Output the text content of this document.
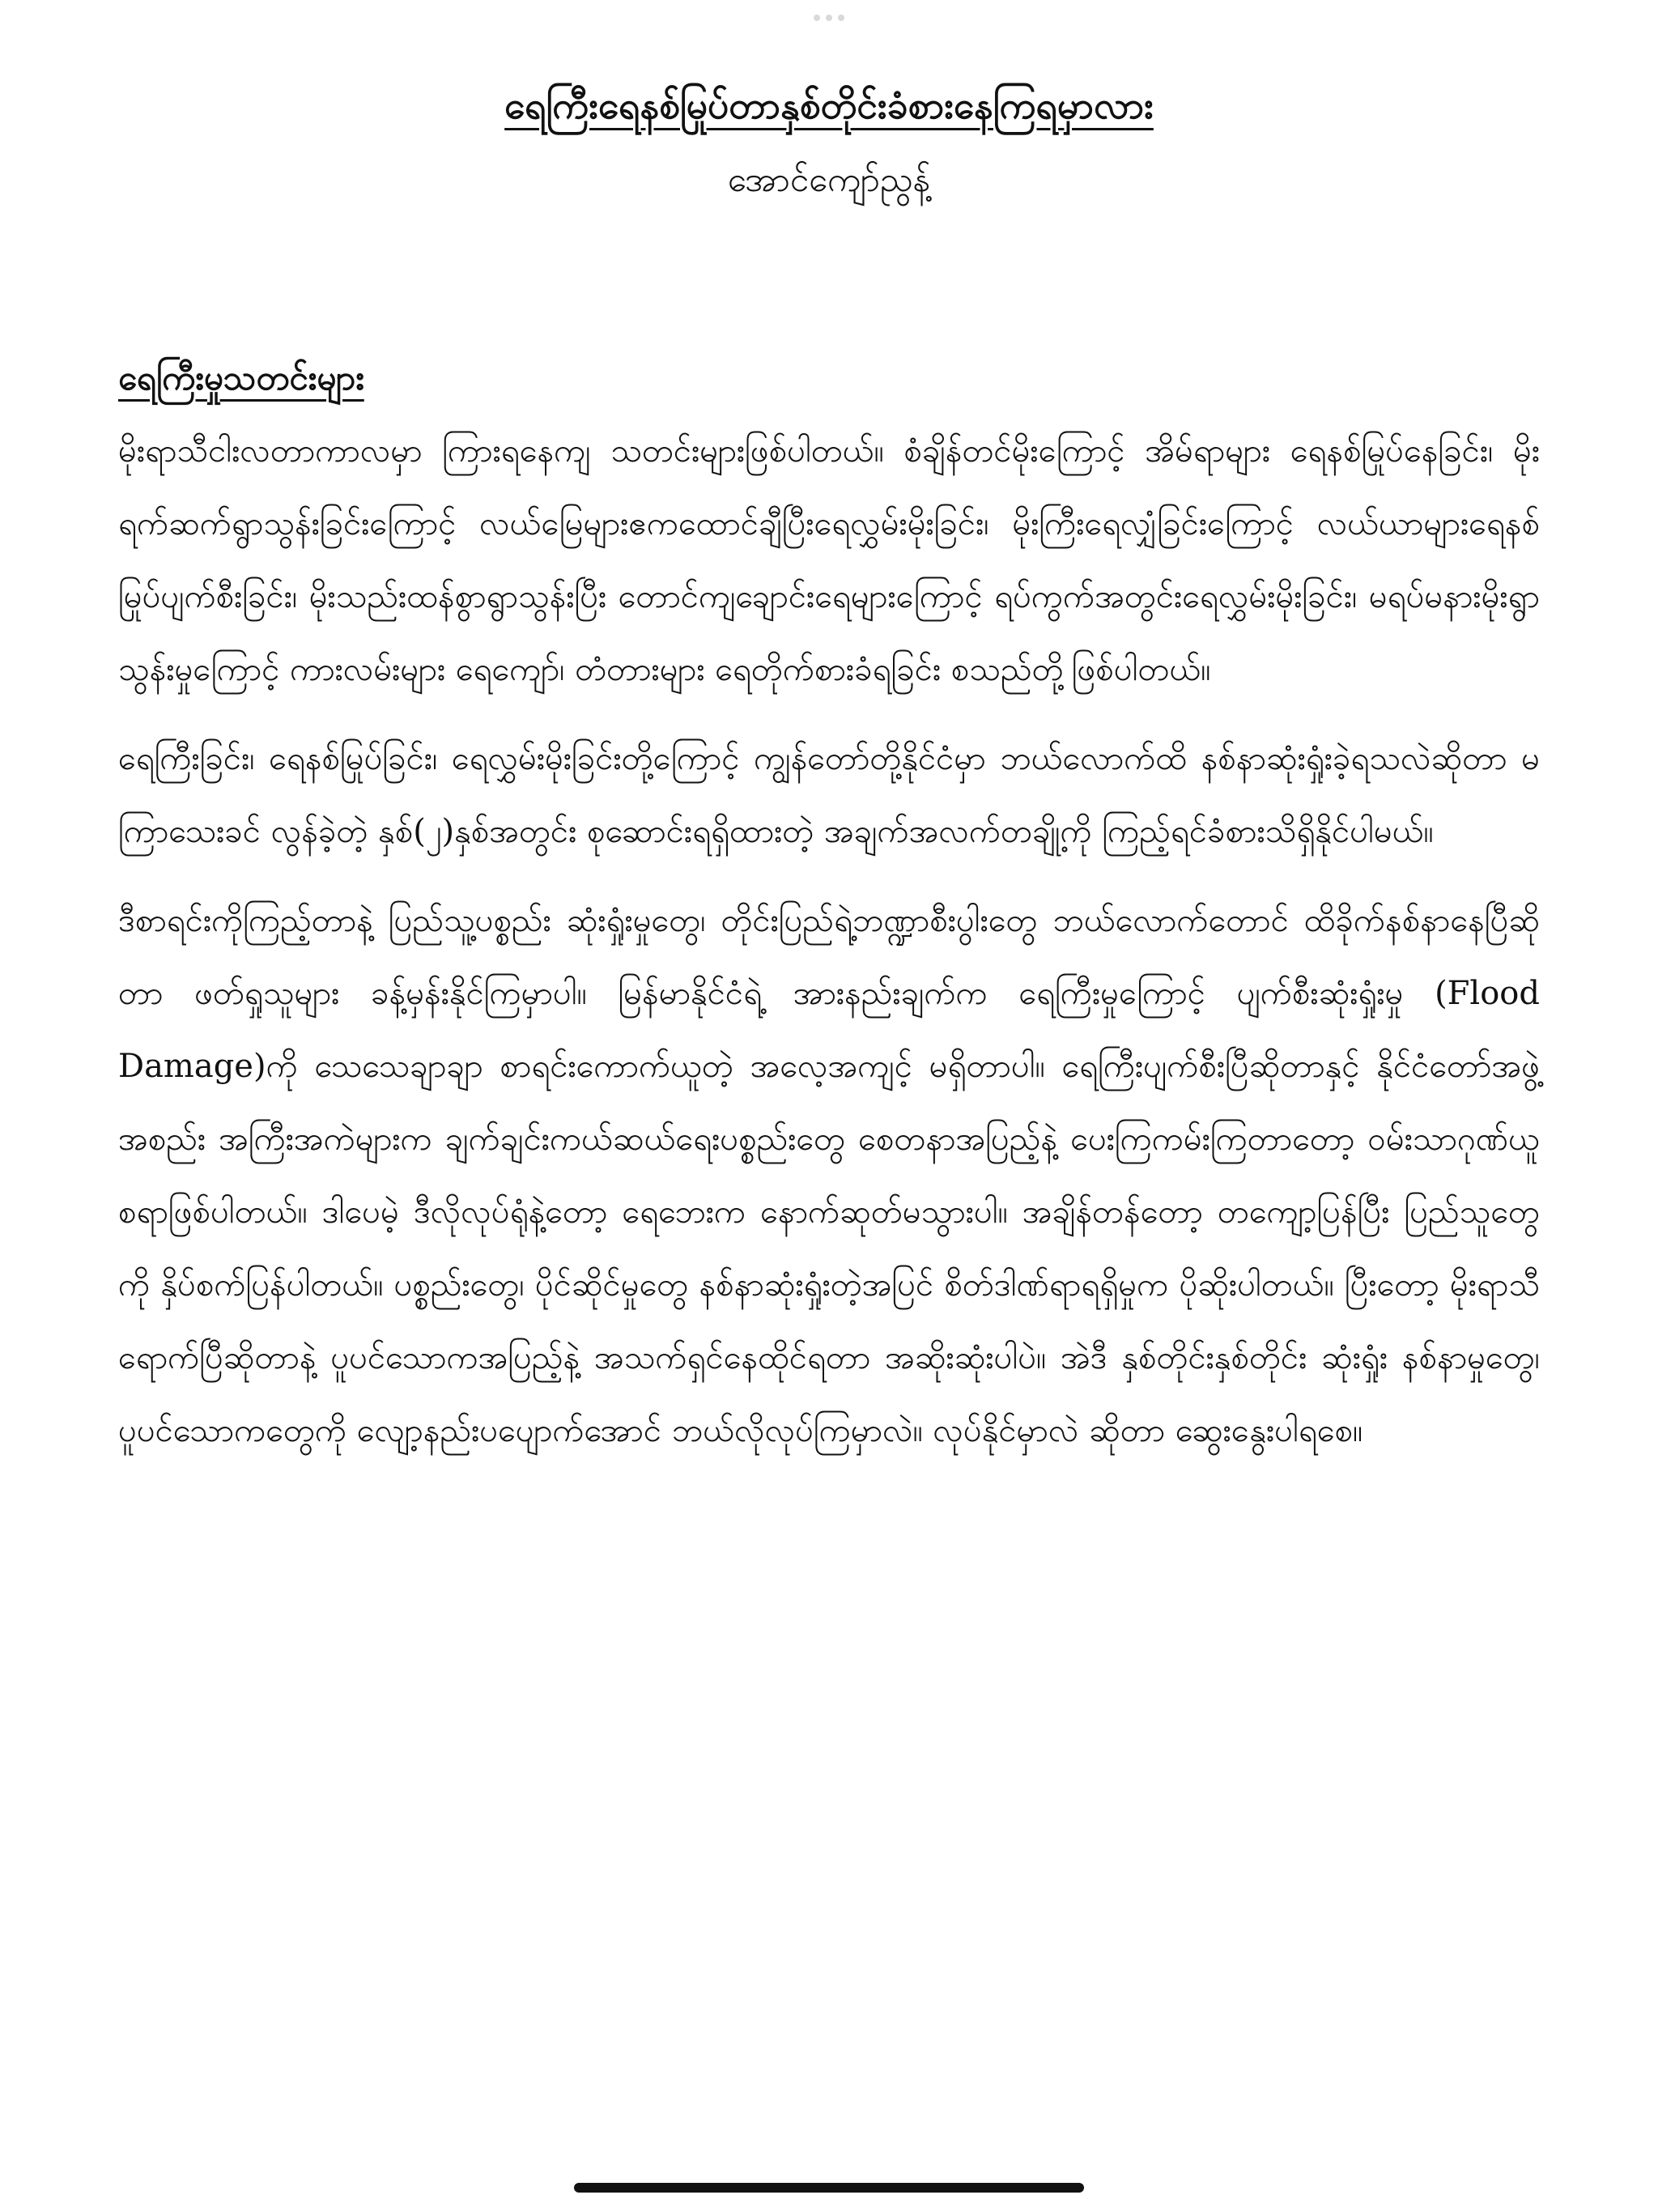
ရေကြီးရေနစ်မြုပ်တာနှစ်တိုင်းခံစားနေကြရမှာလား

အောင်ကျော်ညွန့်

ရေကြီးမှုသတင်းများ

မိုးရာသီငါးလတာကာလမှာ ကြားရနေကျ သတင်းများဖြစ်ပါတယ်။ စံချိန်တင်မိုးကြောင့် အိမ်ရာများ ရေနစ်မြုပ်နေခြင်း၊ မိုးရက်ဆက်ရွာသွန်းခြင်းကြောင့် လယ်မြေများဧကထောင်ချီပြီးရေလွှမ်းမိုးခြင်း၊ မိုးကြီးရေလျှံခြင်းကြောင့် လယ်ယာများရေနစ်မြုပ်ပျက်စီးခြင်း၊ မိုးသည်းထန်စွာရွာသွန်းပြီး တောင်ကျချောင်းရေများကြောင့် ရပ်ကွက်အတွင်းရေလွှမ်းမိုးခြင်း၊ မရပ်မနားမိုးရွာသွန်းမှုကြောင့် ကားလမ်းများ ရေကျော်၊ တံတားများ ရေတိုက်စားခံရခြင်း စသည်တို့ဖြစ်ပါတယ်။

ရေကြီးခြင်း၊ ရေနစ်မြုပ်ခြင်း၊ ရေလွှမ်းမိုးခြင်းတို့ကြောင့် ကျွန်တော်တို့နိုင်ငံမှာ ဘယ်လောက်ထိ နစ်နာဆုံးရှုံးခဲ့ရသလဲဆိုတာ မကြာသေးခင် လွန်ခဲ့တဲ့ နှစ်(၂)နှစ်အတွင်း စုဆောင်းရရှိထားတဲ့ အချက်အလက်တချို့ကို ကြည့်ရင်ခံစားသိရှိနိုင်ပါမယ်။

ဒီစာရင်းကိုကြည့်တာနဲ့ ပြည်သူ့ပစ္စည်း ဆုံးရှုံးမှုတွေ၊ တိုင်းပြည်ရဲ့ဘဏ္ဍာစီးပွါးတွေ ဘယ်လောက်တောင် ထိခိုက်နစ်နာနေပြီဆိုတာ ဖတ်ရှုသူများ ခန့်မှန်းနိုင်ကြမှာပါ။ မြန်မာနိုင်ငံရဲ့ အားနည်းချက်က ရေကြီးမှုကြောင့် ပျက်စီးဆုံးရှုံးမှု (Flood Damage)ကို သေသေချာချာ စာရင်းကောက်ယူတဲ့ အလေ့အကျင့် မရှိတာပါ။ ရေကြီးပျက်စီးပြီဆိုတာနှင့် နိုင်ငံတော်အဖွဲ့အစည်း အကြီးအကဲများက ချက်ချင်းကယ်ဆယ်ရေးပစ္စည်းတွေ စေတနာအပြည့်နဲ့ ပေးကြကမ်းကြတာတော့ ဝမ်းသာဂုဏ်ယူစရာဖြစ်ပါတယ်။ ဒါပေမဲ့ ဒီလိုလုပ်ရုံနဲ့တော့ ရေဘေးက နောက်ဆုတ်မသွားပါ။ အချိန်တန်တော့ တကျော့ပြန်ပြီး ပြည်သူတွေကို နှိပ်စက်ပြန်ပါတယ်။ ပစ္စည်းတွေ၊ ပိုင်ဆိုင်မှုတွေ နစ်နာဆုံးရှုံးတဲ့အပြင် စိတ်ဒါဏ်ရာရရှိမှုက ပိုဆိုးပါတယ်။ ပြီးတော့ မိုးရာသီရောက်ပြီဆိုတာနဲ့ ပူပင်သောကအပြည့်နဲ့ အသက်ရှင်နေထိုင်ရတာ အဆိုးဆုံးပါပဲ။ အဲဒီ နှစ်တိုင်းနှစ်တိုင်း ဆုံးရှုံး နစ်နာမှုတွေ၊ ပူပင်သောကတွေကို လျော့နည်းပပျောက်အောင် ဘယ်လိုလုပ်ကြမှာလဲ။ လုပ်နိုင်မှာလဲ ဆိုတာ ဆွေးနွေးပါရစေ။
